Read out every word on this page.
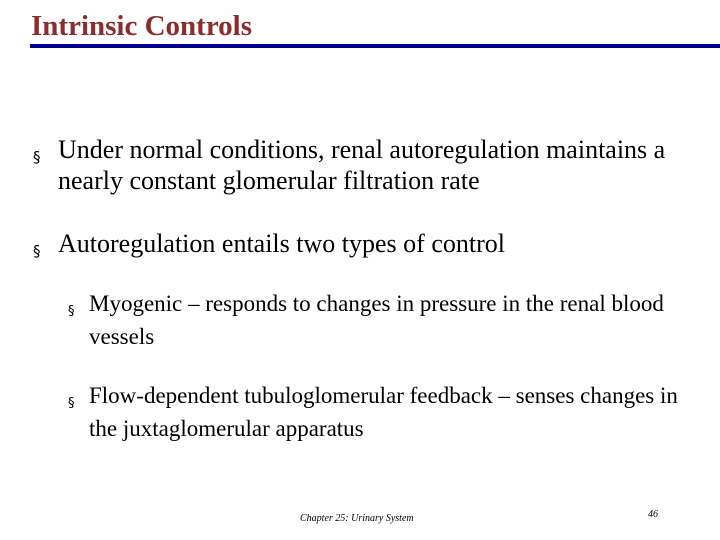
Intrinsic Controls
§ Under normal conditions, renal autoregulation maintains a nearly constant glomerular filtration rate
§ Autoregulation entails two types of control
§ Myogenic – responds to changes in pressure in the renal blood vessels
§ Flow-dependent tubuloglomerular feedback – senses changes in the juxtaglomerular apparatus
Chapter 25: Urinary System	46
